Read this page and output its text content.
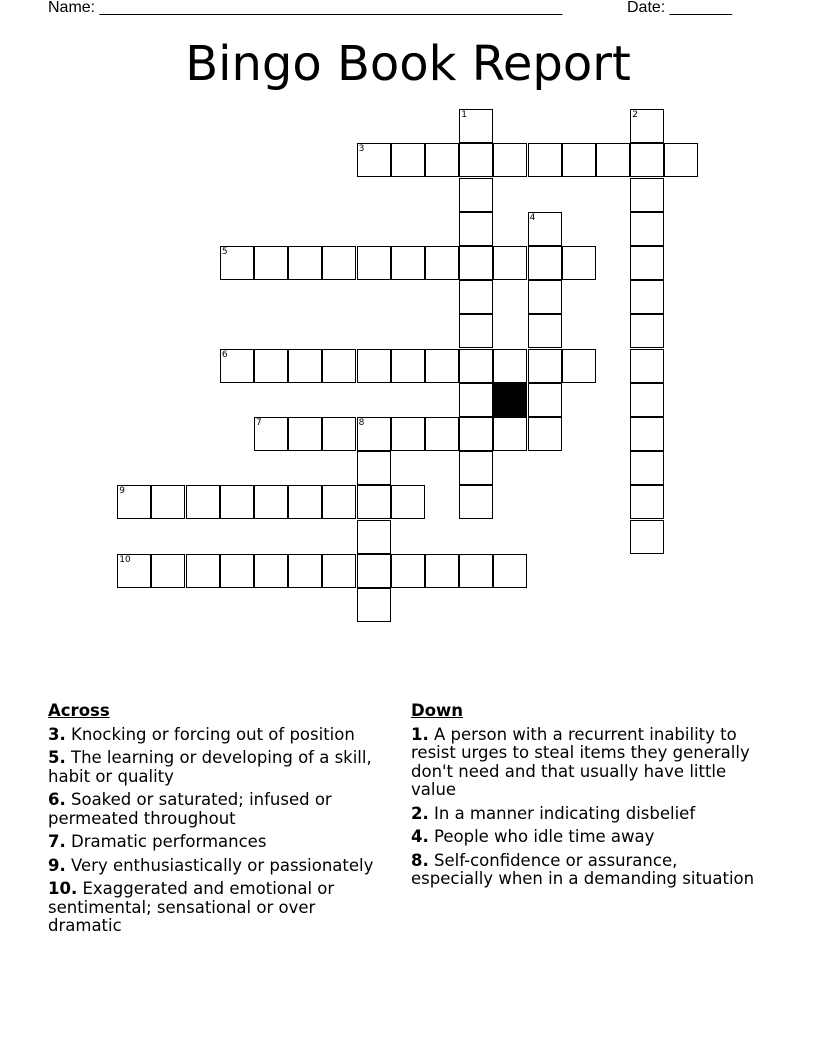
Name: ____________________________________________________	Date: _______
Bingo Book Report
1	2
3
4
5
6
7	8
9
10
Across
3. Knocking or forcing out of position
5. The learning or developing of a skill, habit or quality
6. Soaked or saturated; infused or permeated throughout
7. Dramatic performances
9. Very enthusiastically or passionately
10. Exaggerated and emotional or sentimental; sensational or over dramatic
Down
1. A person with a recurrent inability to resist urges to steal items they generally don't need and that usually have little value
2. In a manner indicating disbelief
4. People who idle time away
8. Self-confidence or assurance, especially when in a demanding situation
